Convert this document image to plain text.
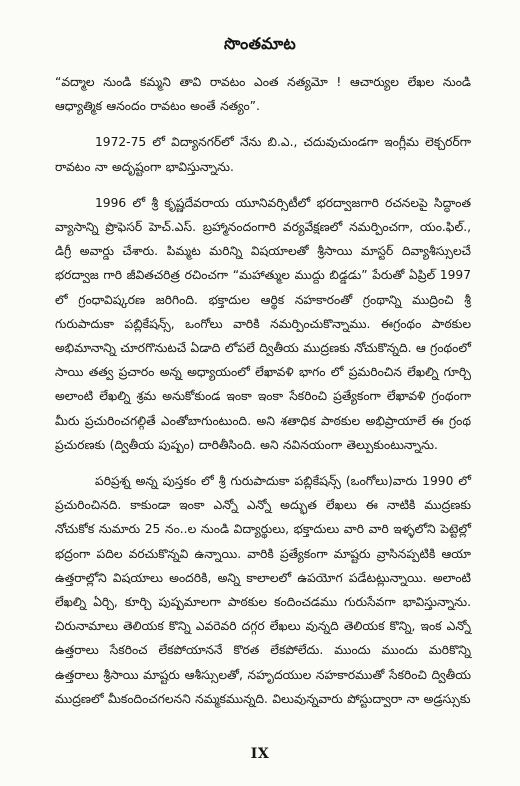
సొంతమాట

“వద్మాల నుండి కమ్మని తావి రావటం ఎంత నత్యమో ! ఆచార్యుల లేఖల నుండి ఆధ్యాత్మిక ఆనందం రావటం అంతే నత్యం”.

1972-75 లో విద్యానగర్‌లో నేను బి.ఎ., చదువుచుండగా ఇంగ్లీమ లెక్చరర్‌గా రావటం నా అదృష్టంగా భావిస్తున్నాను.

1996 లో శ్రీ కృష్ణదేవరాయ యూనివర్సిటీలో భరద్వాజగారి రచనలపై సిద్ధాంత వ్యాసాన్ని ప్రొఫెసర్ హెచ్.ఎస్. బ్రహ్మానందంగారి వర్యవేక్షణలో నమర్పించగా, యం.ఫిల్., డిగ్రీ అవార్డు చేశారు. పిమ్మట మరిన్ని విషయాలతో శ్రీసాయి మాస్టర్ దివ్యాశీస్సులచే భరద్వాజ గారి జీవితచరిత్ర రచించగా “మహాత్ముల ముద్దు బిడ్డడు” పేరుతో ఏప్రిల్ 1997 లో గ్రంధావిష్కరణ జరిగింది. భక్తాదుల ఆర్థిక నహకారంతో గ్రంథాన్ని ముద్రించి శ్రీ గురుపాదుకా పబ్లికేషన్స్, ఒంగోలు వారికి నమర్పించుకొన్నాము. ఈగ్రంథం పాఠకుల అభిమానాన్ని చూరగొనుటచే ఏడాది లోపలే ద్వితీయ ముద్రణకు నోచుకొన్నది. ఆ గ్రంథంలో సాయి తత్వ ప్రచారం అన్న అధ్యాయంలో లేఖావళి భాగం లో ప్రమరించిన లేఖల్ని గూర్చి అలాంటి లేఖల్ని శ్రమ అనుకోకుండ ఇంకా ఇంకా సేకరించి ప్రత్యేకంగా లేఖావళి గ్రంథంగా మీరు ప్రచురించగల్గితే ఎంతోబాగుంటుంది. అని శతాధిక పాఠకుల అభిప్రాయాలే ఈ గ్రంథ ప్రచురణకు (ద్వితీయ పుష్పం) దారితీసింది. అని నవినయంగా తెల్పుకుంటున్నాను.

పరిప్రశ్న అన్న పుస్తకం లో శ్రీ గురుపాదుకా పబ్లికేషన్స్ (ఒంగోలు)వారు 1990 లో ప్రచురించినది. కాకుండా ఇంకా ఎన్నో ఎన్నో అద్భుత లేఖలు ఈ నాటికి ముద్రణకు నోచుకోక నుమారు 25 నం..ల నుండి విద్యార్థులు, భక్తాదులు వారి వారి ఇళ్ళలోని పెట్టెల్లో భద్రంగా పదిల వరచుకొన్నవి ఉన్నాయి. వారికి ప్రత్యేకంగా మాష్టరు వ్రాసినప్పటికి ఆయా ఉత్తరాల్లోని విషయాలు అందరికి, అన్ని కాలాలలో ఉపయోగ పడేటట్లున్నాయి. అలాంటి లేఖల్ని ఏర్చి, కూర్చి పుష్పమాలగా పాఠకుల కందించడము గురుసేవగా భావిస్తున్నాను. చిరునామాలు తెలియక కొన్ని ఎవరెవరి దగ్గర లేఖలు వున్నది తెలియక కొన్ని, ఇంక ఎన్నో ఉత్తరాలు సేకరించ లేకపోయాననే కొరత లేకపోలేదు. ముందు ముందు మరికొన్ని ఉత్తరాలు శ్రీసాయి మాష్టరు ఆశీస్సులతో, నహృదయుల నహకారముతో సేకరించి ద్వితీయ ముద్రణలో మీకందించగలనని నమ్మకమున్నది. విలువున్నవారు పోస్టుద్వారా నా అడ్రస్సుకు

IX
